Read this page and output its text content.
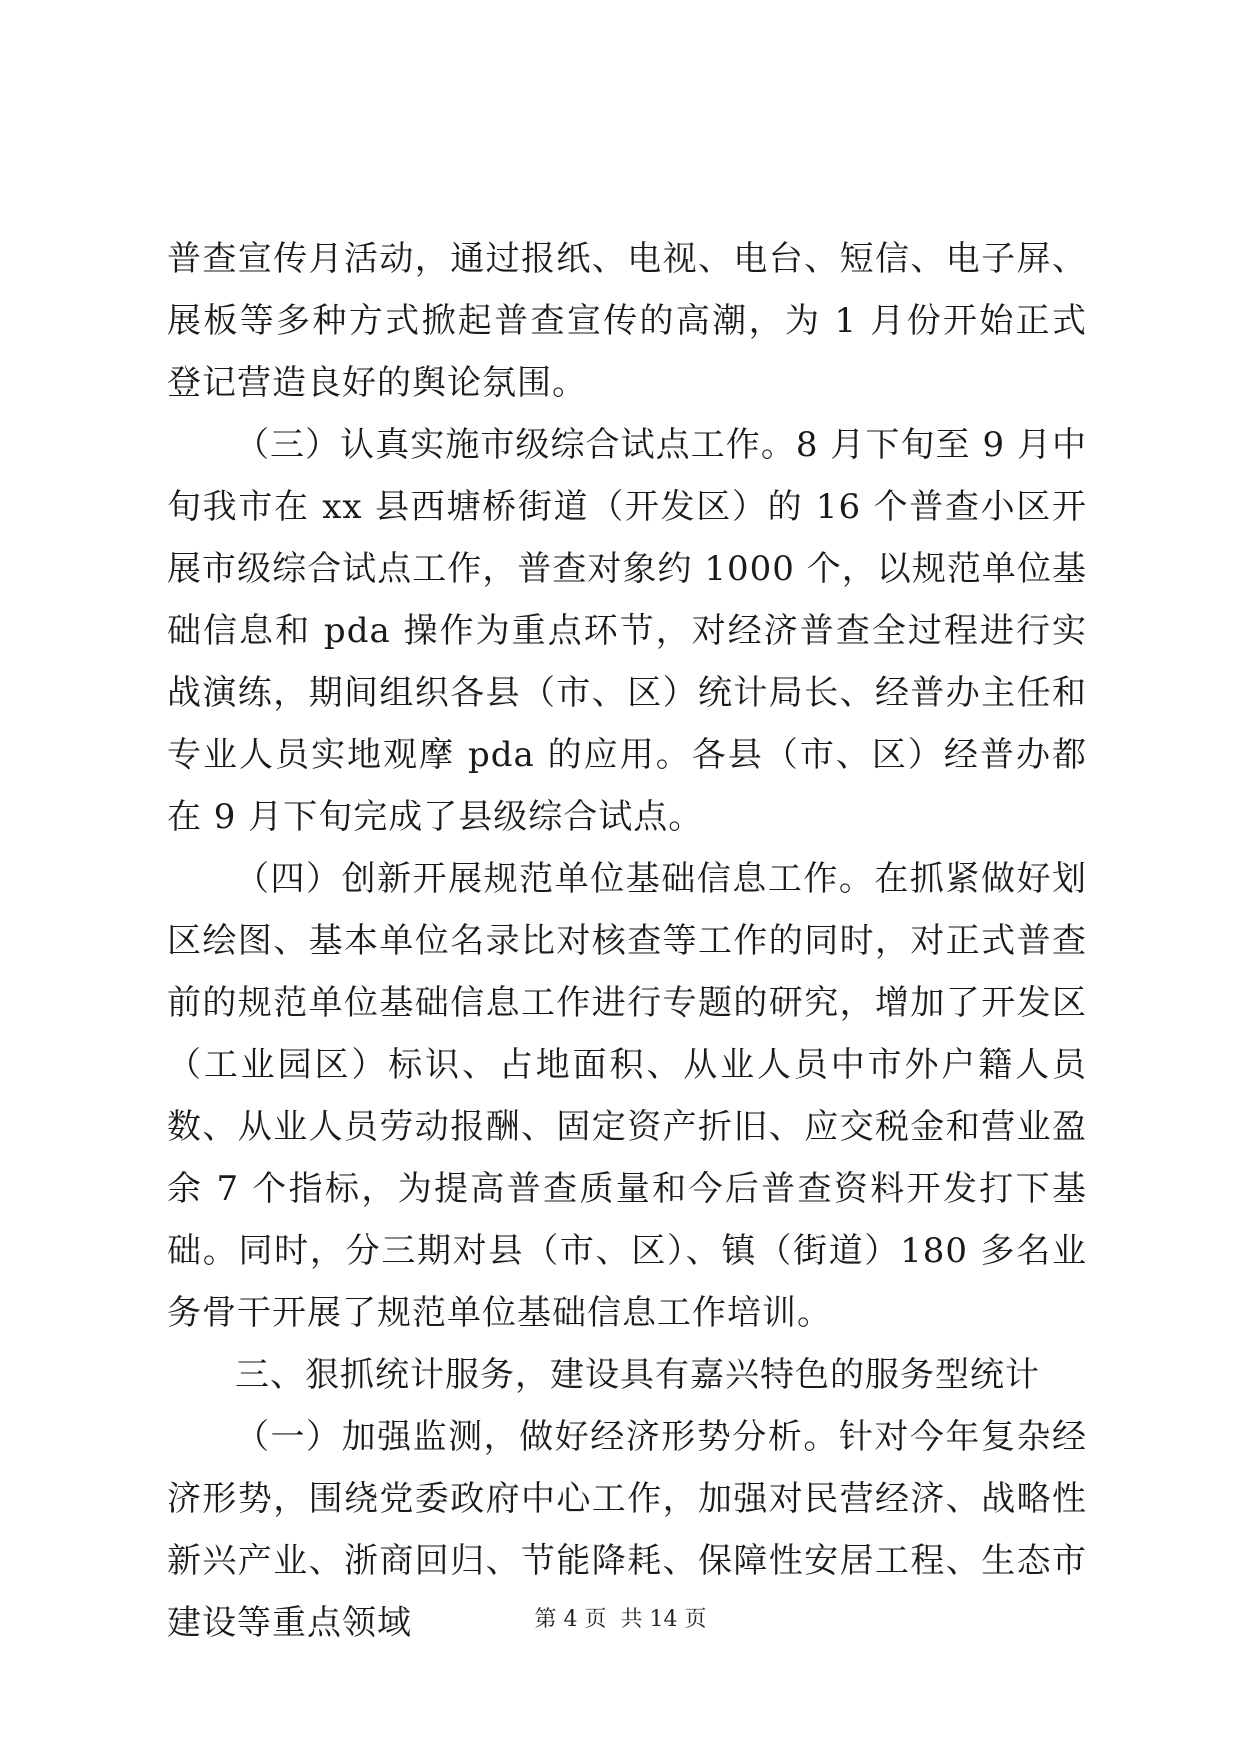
普查宣传月活动，通过报纸、电视、电台、短信、电子屏、展板等多种方式掀起普查宣传的高潮，为 1 月份开始正式登记营造良好的舆论氛围。

（三）认真实施市级综合试点工作。8 月下旬至 9 月中旬我市在 xx 县西塘桥街道（开发区）的 16 个普查小区开展市级综合试点工作，普查对象约 1000 个，以规范单位基础信息和 pda 操作为重点环节，对经济普查全过程进行实战演练，期间组织各县（市、区）统计局长、经普办主任和专业人员实地观摩 pda 的应用。各县（市、区）经普办都在 9 月下旬完成了县级综合试点。

（四）创新开展规范单位基础信息工作。在抓紧做好划区绘图、基本单位名录比对核查等工作的同时，对正式普查前的规范单位基础信息工作进行专题的研究，增加了开发区（工业园区）标识、占地面积、从业人员中市外户籍人员数、从业人员劳动报酬、固定资产折旧、应交税金和营业盈余 7 个指标，为提高普查质量和今后普查资料开发打下基础。同时，分三期对县（市、区）、镇（街道）180 多名业务骨干开展了规范单位基础信息工作培训。

三、狠抓统计服务，建设具有嘉兴特色的服务型统计

（一）加强监测，做好经济形势分析。针对今年复杂经济形势，围绕党委政府中心工作，加强对民营经济、战略性新兴产业、浙商回归、节能降耗、保障性安居工程、生态市建设等重点领域	第 4 页  共 14 页
